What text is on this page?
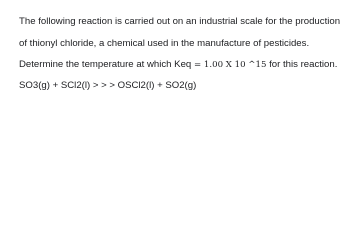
The following reaction is carried out on an industrial scale for the production
of thionyl chloride, a chemical used in the manufacture of pesticides.
Determine the temperature at which Keq = 1.00 X 10 ^15 for this reaction.
SO3(g) + SCl2(l) > > > OSCl2(l) + SO2(g)
